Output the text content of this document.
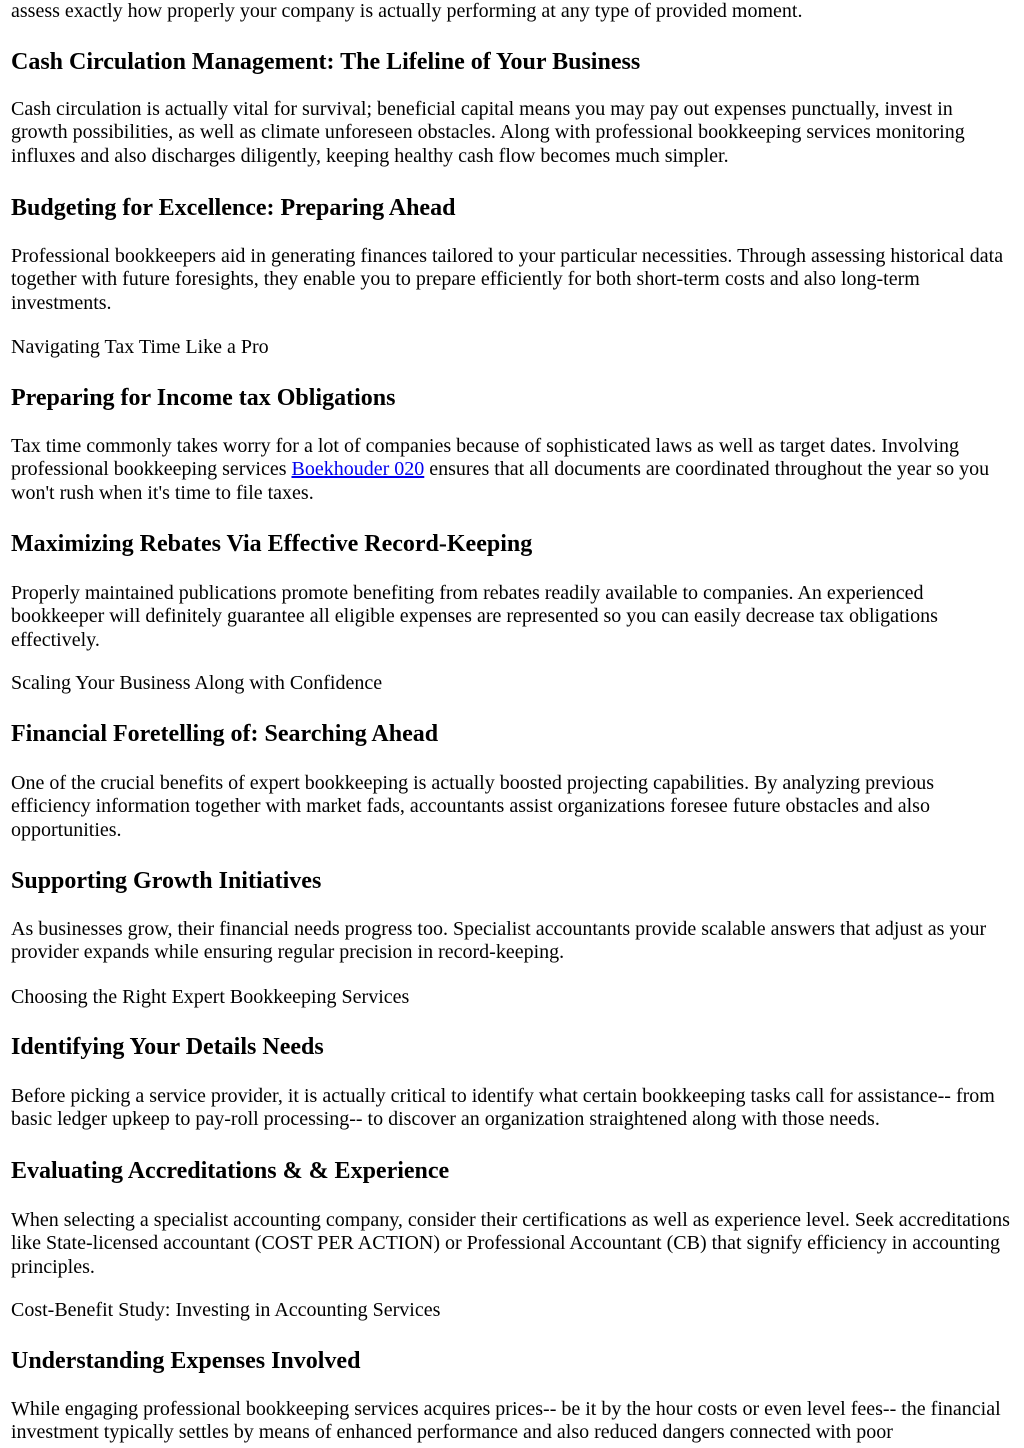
assess exactly how properly your company is actually performing at any type of provided moment.

Cash Circulation Management: The Lifeline of Your Business

Cash circulation is actually vital for survival; beneficial capital means you may pay out expenses punctually, invest in growth possibilities, as well as climate unforeseen obstacles. Along with professional bookkeeping services monitoring influxes and also discharges diligently, keeping healthy cash flow becomes much simpler.

Budgeting for Excellence: Preparing Ahead

Professional bookkeepers aid in generating finances tailored to your particular necessities. Through assessing historical data together with future foresights, they enable you to prepare efficiently for both short-term costs and also long-term investments.

Navigating Tax Time Like a Pro

Preparing for Income tax Obligations

Tax time commonly takes worry for a lot of companies because of sophisticated laws as well as target dates. Involving professional bookkeeping services Boekhouder 020 ensures that all documents are coordinated throughout the year so you won't rush when it's time to file taxes.

Maximizing Rebates Via Effective Record-Keeping

Properly maintained publications promote benefiting from rebates readily available to companies. An experienced bookkeeper will definitely guarantee all eligible expenses are represented so you can easily decrease tax obligations effectively.

Scaling Your Business Along with Confidence

Financial Foretelling of: Searching Ahead

One of the crucial benefits of expert bookkeeping is actually boosted projecting capabilities. By analyzing previous efficiency information together with market fads, accountants assist organizations foresee future obstacles and also opportunities.

Supporting Growth Initiatives

As businesses grow, their financial needs progress too. Specialist accountants provide scalable answers that adjust as your provider expands while ensuring regular precision in record-keeping.

Choosing the Right Expert Bookkeeping Services

Identifying Your Details Needs

Before picking a service provider, it is actually critical to identify what certain bookkeeping tasks call for assistance-- from basic ledger upkeep to pay-roll processing-- to discover an organization straightened along with those needs.

Evaluating Accreditations & & Experience

When selecting a specialist accounting company, consider their certifications as well as experience level. Seek accreditations like State-licensed accountant (COST PER ACTION) or Professional Accountant (CB) that signify efficiency in accounting principles.

Cost-Benefit Study: Investing in Accounting Services

Understanding Expenses Involved

While engaging professional bookkeeping services acquires prices-- be it by the hour costs or even level fees-- the financial investment typically settles by means of enhanced performance and also reduced dangers connected with poor
